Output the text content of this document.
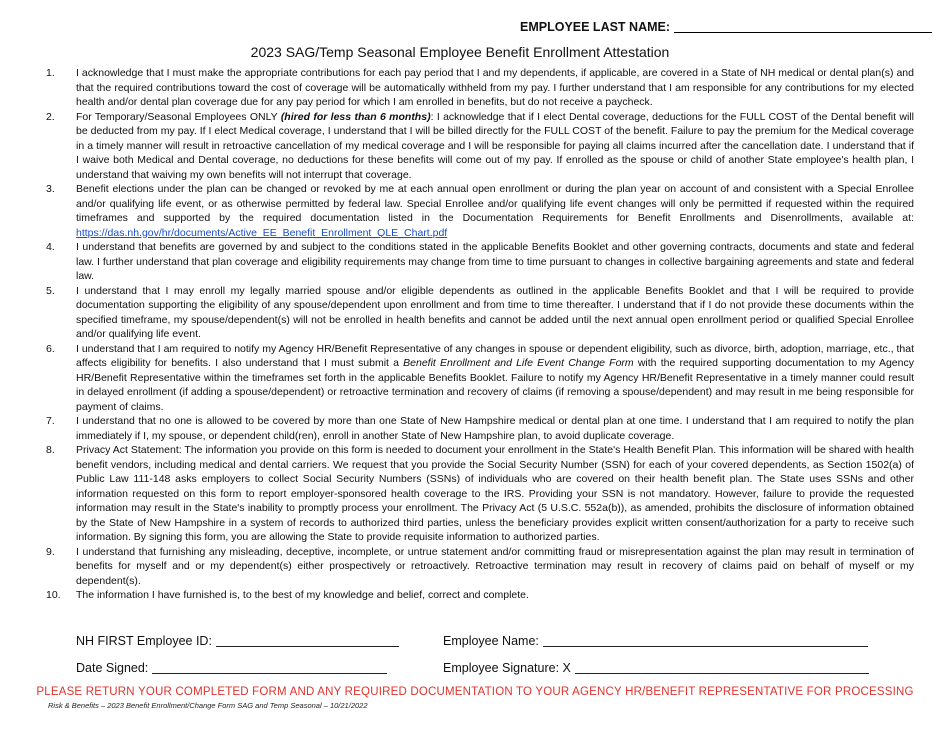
EMPLOYEE LAST NAME:
2023 SAG/Temp Seasonal Employee Benefit Enrollment Attestation
1.	I acknowledge that I must make the appropriate contributions for each pay period that I and my dependents, if applicable, are covered in a State of NH medical or dental plan(s) and that the required contributions toward the cost of coverage will be automatically withheld from my pay. I further understand that I am responsible for any contributions for my elected health and/or dental plan coverage due for any pay period for which I am enrolled in benefits, but do not receive a paycheck.
2.	For Temporary/Seasonal Employees ONLY (hired for less than 6 months): I acknowledge that if I elect Dental coverage, deductions for the FULL COST of the Dental benefit will be deducted from my pay. If I elect Medical coverage, I understand that I will be billed directly for the FULL COST of the benefit. Failure to pay the premium for the Medical coverage in a timely manner will result in retroactive cancellation of my medical coverage and I will be responsible for paying all claims incurred after the cancellation date. I understand that if I waive both Medical and Dental coverage, no deductions for these benefits will come out of my pay. If enrolled as the spouse or child of another State employee's health plan, I understand that waiving my own benefits will not interrupt that coverage.
3.	Benefit elections under the plan can be changed or revoked by me at each annual open enrollment or during the plan year on account of and consistent with a Special Enrollee and/or qualifying life event, or as otherwise permitted by federal law. Special Enrollee and/or qualifying life event changes will only be permitted if requested within the required timeframes and supported by the required documentation listed in the Documentation Requirements for Benefit Enrollments and Disenrollments, available at: https://das.nh.gov/hr/documents/Active_EE_Benefit_Enrollment_QLE_Chart.pdf
4.	I understand that benefits are governed by and subject to the conditions stated in the applicable Benefits Booklet and other governing contracts, documents and state and federal law. I further understand that plan coverage and eligibility requirements may change from time to time pursuant to changes in collective bargaining agreements and state and federal law.
5.	I understand that I may enroll my legally married spouse and/or eligible dependents as outlined in the applicable Benefits Booklet and that I will be required to provide documentation supporting the eligibility of any spouse/dependent upon enrollment and from time to time thereafter. I understand that if I do not provide these documents within the specified timeframe, my spouse/dependent(s) will not be enrolled in health benefits and cannot be added until the next annual open enrollment period or qualified Special Enrollee and/or qualifying life event.
6.	I understand that I am required to notify my Agency HR/Benefit Representative of any changes in spouse or dependent eligibility, such as divorce, birth, adoption, marriage, etc., that affects eligibility for benefits. I also understand that I must submit a Benefit Enrollment and Life Event Change Form with the required supporting documentation to my Agency HR/Benefit Representative within the timeframes set forth in the applicable Benefits Booklet. Failure to notify my Agency HR/Benefit Representative in a timely manner could result in delayed enrollment (if adding a spouse/dependent) or retroactive termination and recovery of claims (if removing a spouse/dependent) and may result in me being responsible for payment of claims.
7.	I understand that no one is allowed to be covered by more than one State of New Hampshire medical or dental plan at one time. I understand that I am required to notify the plan immediately if I, my spouse, or dependent child(ren), enroll in another State of New Hampshire plan, to avoid duplicate coverage.
8.	Privacy Act Statement: The information you provide on this form is needed to document your enrollment in the State's Health Benefit Plan. This information will be shared with health benefit vendors, including medical and dental carriers. We request that you provide the Social Security Number (SSN) for each of your covered dependents, as Section 1502(a) of Public Law 111-148 asks employers to collect Social Security Numbers (SSNs) of individuals who are covered on their health benefit plan. The State uses SSNs and other information requested on this form to report employer-sponsored health coverage to the IRS. Providing your SSN is not mandatory. However, failure to provide the requested information may result in the State's inability to promptly process your enrollment. The Privacy Act (5 U.S.C. 552a(b)), as amended, prohibits the disclosure of information obtained by the State of New Hampshire in a system of records to authorized third parties, unless the beneficiary provides explicit written consent/authorization for a party to receive such information. By signing this form, you are allowing the State to provide requisite information to authorized parties.
9.	I understand that furnishing any misleading, deceptive, incomplete, or untrue statement and/or committing fraud or misrepresentation against the plan may result in termination of benefits for myself and or my dependent(s) either prospectively or retroactively. Retroactive termination may result in recovery of claims paid on behalf of myself or my dependent(s).
10.	The information I have furnished is, to the best of my knowledge and belief, correct and complete.
NH FIRST Employee ID:	Employee Name:
Date Signed:	Employee Signature: X
PLEASE RETURN YOUR COMPLETED FORM AND ANY REQUIRED DOCUMENTATION TO YOUR AGENCY HR/BENEFIT REPRESENTATIVE FOR PROCESSING
Risk & Benefits – 2023 Benefit Enrollment/Change Form SAG and Temp Seasonal – 10/21/2022
